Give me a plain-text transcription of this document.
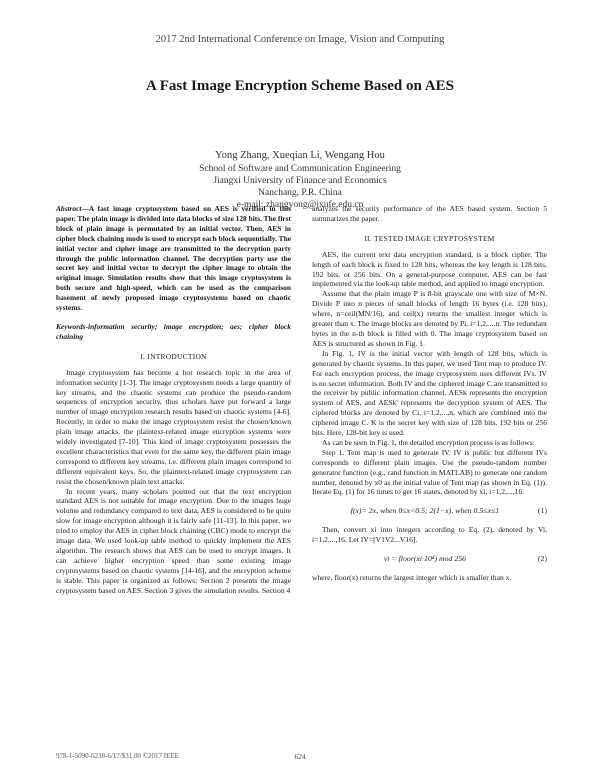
2017 2nd International Conference on Image, Vision and Computing
A Fast Image Encryption Scheme Based on AES
Yong Zhang, Xueqian Li, Wengang Hou
School of Software and Communication Engineering
Jiangxi University of Finance and Economics
Nanchang, P.R. China
e-mail: zhangyong@jxufe.edu.cn
Abstract—A fast image cryptosystem based on AES is verified in this paper. The plain image is divided into data blocks of size 128 bits. The first block of plain image is permutated by an initial vector. Then, AES in cipher block chaining mode is used to encrypt each block sequentially. The initial vector and cipher image are transmitted to the decryption party through the public information channel. The decryption party use the secret key and initial vector to decrypt the cipher image to obtain the original image. Simulation results show that this image cryptosystem is both secure and high-speed, which can be used as the comparison basement of newly proposed image cryptosystems based on chaotic systems.
Keywords-information security; image encryption; aes; cipher block chaining
I. INTRODUCTION

Image cryptosystem has become a hot research topic in the area of information security [1-3]. The image cryptosystem needs a large quantity of key streams, and the chaotic systems can produce the pseudo-random sequences of encryption security, thus scholars have put forward a large number of image encryption research results based on chaotic systems [4-6]. Recently, in order to make the image cryptosystem resist the chosen/known plain image attacks, the plaintext-related image encryption systems were widely investigated [7-10]. This kind of image cryptosystem possesses the excellent characteristics that even for the same key, the different plain image correspond to different key streams, i.e. different plain images correspond to different equivalent keys. So, the plaintext-related image cryptosystem can resist the chosen/known plain text attacks.

In recent years, many scholars pointed out that the text encryption standard AES is not suitable for image encryption. Due to the images huge volume and redundancy compared to text data, AES is considered to be quite slow for image encryption although it is fairly safe [11-13]. In this paper, we tried to employ the AES in cipher block chaining (CBC) mode to encrypt the image data. We used look-up table method to quickly implement the AES algorithm. The research shows that AES can be used to encrypt images. It can achieve higher encryption speed than some existing image cryptosystems based on chaotic systems [14-16], and the encryption scheme is stable. This paper is organized as follows: Section 2 presents the image cryptosystem based on AES. Section 3 gives the simulation results. Section 4

analyzes the security performance of the AES based system. Section 5 summarizes the paper.

II. TESTED IMAGE CRYPTOSYSTEM

AES, the current text data encryption standard, is a block cipher. The length of each block is fixed to 128 bits, whereas the key length is 128 bits, 192 bits, or 256 bits. On a general-purpose computer, AES can be fast implemented via the look-up table method, and applied to image encryption.

Assume that the plain image P is 8-bit grayscale one with size of M×N. Divide P into n pieces of small blocks of length 16 bytes (i.e. 128 bits), where, n=ceil(MN/16), and ceil(x) returns the smallest integer which is greater than x. The image blocks are denoted by Pi, i=1,2,...,n. The redundant bytes in the n-th block is filled with 0. The image cryptosystem based on AES is structured as shown in Fig. 1.

In Fig. 1, IV is the initial vector with length of 128 bits, which is generated by chaotic systems. In this paper, we used Tent map to produce IV. For each encryption process, the image cryptosystem uses different IVs. IV is no secret information. Both IV and the ciphered image C are transmitted to the receiver by public information channel. AESk represents the encryption system of AES, and AESk' represents the decryption system of AES. The ciphered blocks are denoted by Ci, i=1,2,...,n, which are combined into the ciphered image C. K is the secret key with size of 128 bits, 192 bits or 256 bits. Here, 128-bit key is used.

As can be seen in Fig. 1, the detailed encryption process is as follows:

Step 1. Tent map is used to generate IV. IV is public but different IVs corresponds to different plain images. Use the pseudo-random number generator function (e.g., rand function in MATLAB) to generate one random number, denoted by x0 as the initial value of Tent map (as shown in Eq. (1)). Iterate Eq. (1) for 16 times to get 16 states, denoted by xi, i=1,2,...,16.

f(x)= 2x, when 0≤x<0.5; 2(1−x), when 0.5≤x≤1	(1)

Then, convert xi into integers according to Eq. (2), denoted by Vi, i=1,2,...,16. Let IV=[V1V2...V16].

vi = floor(xi·10⁴) mod 256	(2)

where, floor(x) returns the largest integer which is smaller than x.

978-1-5090-6238-6/17/$31.00 ©2017 IEEE	624
